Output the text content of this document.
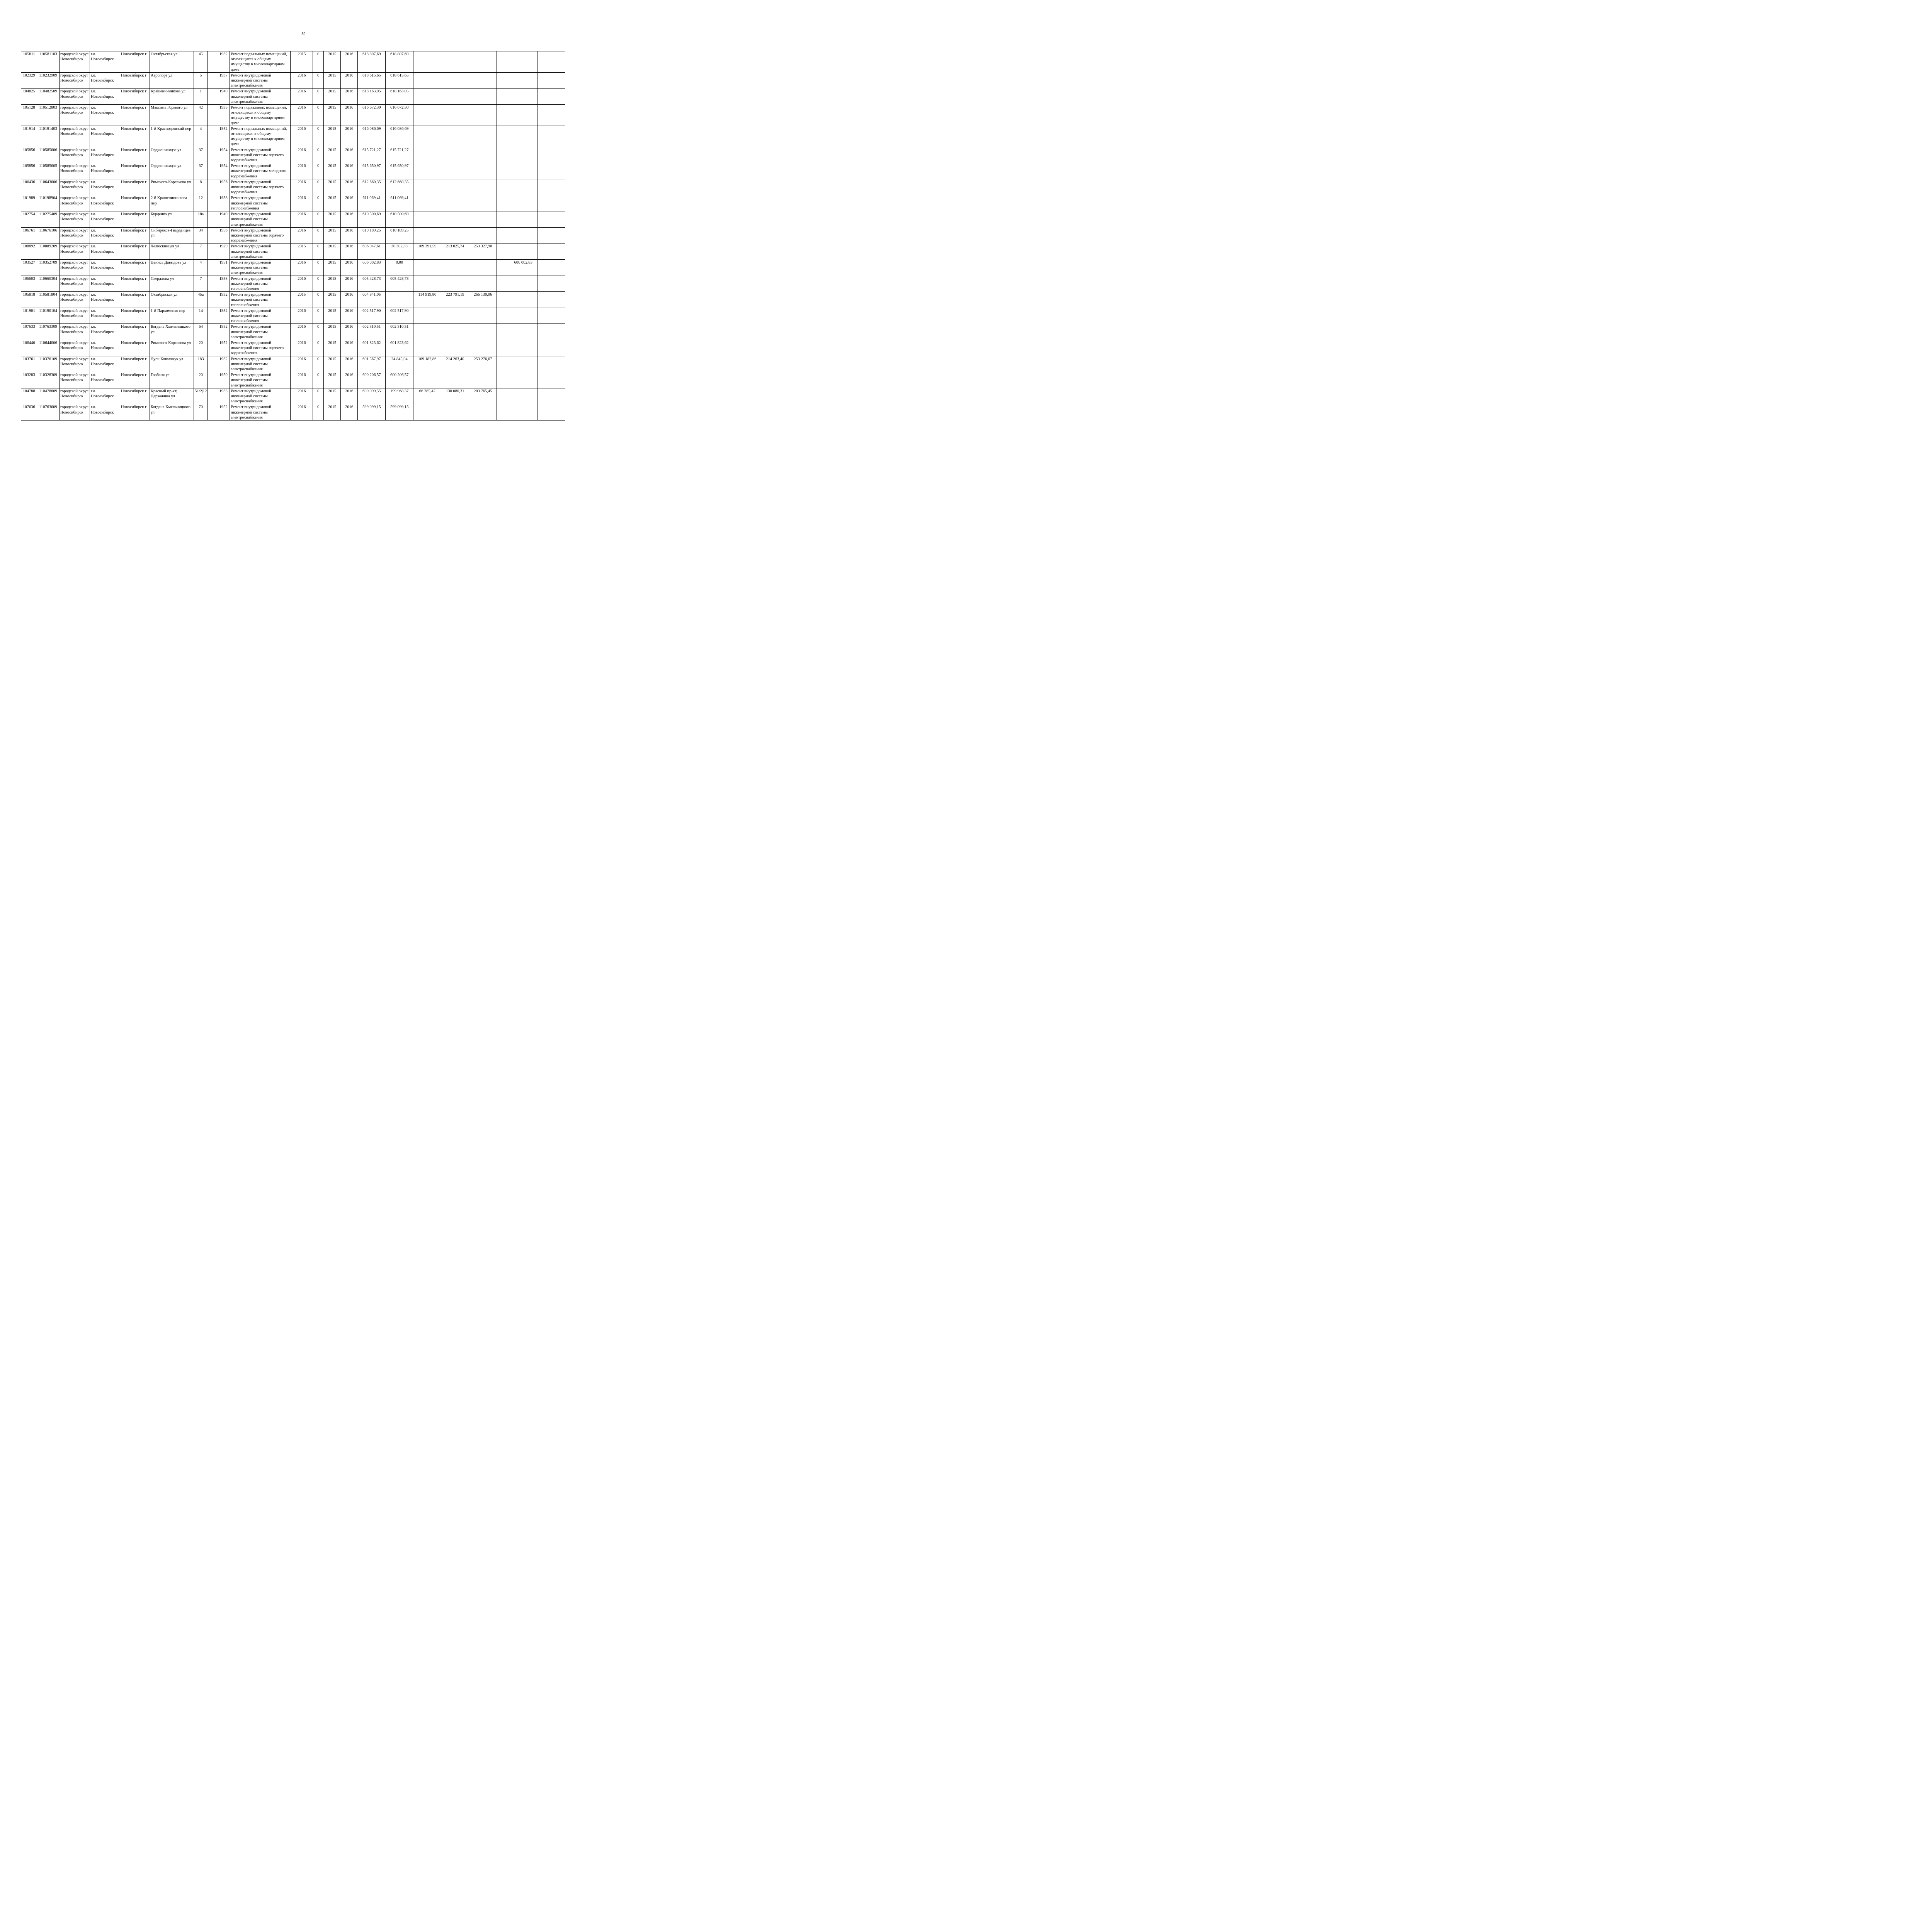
32
105811	110581103	городской округ Новосибирск	г.о. Новосибирск	Новосибирск г	Октябрьская ул	45		1932	Ремонт подвальных помещений, относящихся к общему имуществу в многоквартирном доме	2015	0	2015	2016	618 807,69	618 807,69						
102329	110232909	городской округ Новосибирск	г.о. Новосибирск	Новосибирск г	Аэропорт ул	5		1937	Ремонт внутридомовой инженерной системы электроснабжения	2016	0	2015	2016	618 615,65	618 615,65						
104825	110482509	городской округ Новосибирск	г.о. Новосибирск	Новосибирск г	Крашенинникова ул	1		1940	Ремонт внутридомовой инженерной системы электроснабжения	2016	0	2015	2016	618 163,05	618 163,05						
105128	110512803	городской округ Новосибирск	г.о. Новосибирск	Новосибирск г	Максима Горького ул	42		1935	Ремонт подвальных помещений, относящихся к общему имуществу в многоквартирном доме	2016	0	2015	2016	616 672,30	616 672,30						
101914	110191403	городской округ Новосибирск	г.о. Новосибирск	Новосибирск г	1-й Краснодонский пер	4		1952	Ремонт подвальных помещений, относящихся к общему имуществу в многоквартирном доме	2016	0	2015	2016	616 086,69	616 086,69						
105856	110585606	городской округ Новосибирск	г.о. Новосибирск	Новосибирск г	Орджоникидзе ул	37		1954	Ремонт внутридомовой инженерной системы горячего водоснабжения	2016	0	2015	2016	615 721,27	615 721,27						
105856	110585605	городской округ Новосибирск	г.о. Новосибирск	Новосибирск г	Орджоникидзе ул	37		1954	Ремонт внутридомовой инженерной системы холодного водоснабжения	2016	0	2015	2016	615 650,97	615 650,97						
106436	110643606	городской округ Новосибирск	г.о. Новосибирск	Новосибирск г	Римского-Корсакова ул	8		1956	Ремонт внутридомовой инженерной системы горячего водоснабжения	2016	0	2015	2016	612 660,35	612 660,35						
101989	110198904	городской округ Новосибирск	г.о. Новосибирск	Новосибирск г	2-й Крашенинникова пер	12		1938	Ремонт внутридомовой инженерной системы теплоснабжения	2016	0	2015	2016	611 069,41	611 069,41						
102754	110275409	городской округ Новосибирск	г.о. Новосибирск	Новосибирск г	Бурденко ул	18а		1949	Ремонт внутридомовой инженерной системы электроснабжения	2016	0	2015	2016	610 500,69	610 500,69						
106761	110676106	городской округ Новосибирск	г.о. Новосибирск	Новосибирск г	Сибиряков-Гвардейцев ул	34		1956	Ремонт внутридомовой инженерной системы горячего водоснабжения	2016	0	2015	2016	610 189,25	610 189,25						
108892	110889209	городской округ Новосибирск	г.о. Новосибирск	Новосибирск г	Челюскинцев ул	7		1929	Ремонт внутридомовой инженерной системы электроснабжения	2015	0	2015	2016	606 047,61	30 302,38	109 391,59	213 025,74	253 327,90			
103527	110352709	городской округ Новосибирск	г.о. Новосибирск	Новосибирск г	Дениса Давыдова ул	4		1951	Ремонт внутридомовой инженерной системы электроснабжения	2016	0	2015	2016	606 002,83	0,00					606 002,83	
106603	110660304	городской округ Новосибирск	г.о. Новосибирск	Новосибирск г	Свердлова ул	7		1938	Ремонт внутридомовой инженерной системы теплоснабжения	2016	0	2015	2016	605 428,73	605 428,73						
105818	110581804	городской округ Новосибирск	г.о. Новосибирск	Новосибирск г	Октябрьская ул	45а		1932	Ремонт внутридомовой инженерной системы теплоснабжения	2015	0	2015	2016	604 841,05		114 919,80	223 791,19	266 130,06			
101901	110190104	городской округ Новосибирск	г.о. Новосибирск	Новосибирск г	1-й Пархоменко пер	14		1932	Ремонт внутридомовой инженерной системы теплоснабжения	2016	0	2015	2016	602 517,90	602 517,90						
107633	110763309	городской округ Новосибирск	г.о. Новосибирск	Новосибирск г	Богдана Хмельницкого ул	64		1952	Ремонт внутридомовой инженерной системы электроснабжения	2016	0	2015	2016	602 510,51	602 510,51						
106440	110644006	городской округ Новосибирск	г.о. Новосибирск	Новосибирск г	Римского-Корсакова ул	20		1952	Ремонт внутридомовой инженерной системы горячего водоснабжения	2016	0	2015	2016	601 823,62	601 823,62						
103761	110376109	городской округ Новосибирск	г.о. Новосибирск	Новосибирск г	Дуси Ковальчук ул	183		1932	Ремонт внутридомовой инженерной системы электроснабжения	2016	0	2015	2016	601 567,97	24 845,04	109 182,86	214 263,40	253 276,67			
103283	110328309	городской округ Новосибирск	г.о. Новосибирск	Новосибирск г	Горбаня ул	20		1950	Ремонт внутридомовой инженерной системы электроснабжения	2016	0	2015	2016	600 206,57	600 206,57						
104788	110478809	городской округ Новосибирск	г.о. Новосибирск	Новосибирск г	Красный пр-кт|Державина ул	51/2|12		1933	Ремонт внутридомовой инженерной системы электроснабжения	2016	0	2015	2016	600 099,55	199 968,37	66 285,42	130 080,31	203 765,45			
107636	110763609	городской округ Новосибирск	г.о. Новосибирск	Новосибирск г	Богдана Хмельницкого ул	70		1952	Ремонт внутридомовой инженерной системы электроснабжения	2016	0	2015	2016	599 099,15	599 099,15						
